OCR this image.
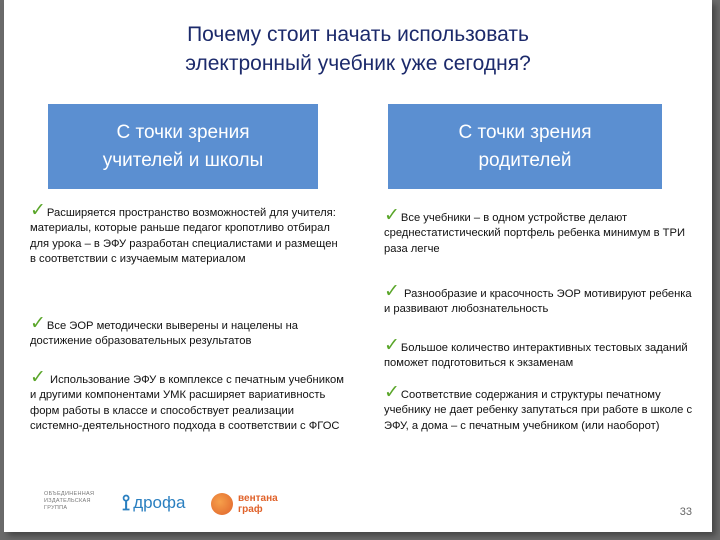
Почему стоит начать использовать
электронный учебник уже сегодня?
С точки зрения
учителей и школы
С точки зрения
родителей
✓Расширяется пространство возможностей для учителя: материалы, которые раньше педагог кропотливо отбирал для урока – в ЭФУ разработан специалистами и размещен в соответствии с изучаемым материалом
✓Все ЭОР методически выверены и нацелены на достижение образовательных результатов
✓ Использование ЭФУ в комплексе с печатным учебником и другими компонентами УМК расширяет вариативность форм работы в классе и способствует реализации системно-деятельностного подхода в соответствии с ФГОС
✓Все учебники – в одном устройстве делают среднестатистический портфель ребенка минимум в ТРИ раза легче
✓ Разнообразие и красочность ЭОР мотивируют ребенка и развивают любознательность
✓Большое количество интерактивных тестовых заданий поможет подготовиться к экзаменам
✓Соответствие содержания и структуры печатному учебнику не дает ребенку запутаться при работе в школе с ЭФУ, а дома – с печатным учебником (или наоборот)
ОБЪЕДИНЕННАЯ
ИЗДАТЕЛЬСКАЯ ГРУППА	⟟ дрофа	вентана
граф	33
